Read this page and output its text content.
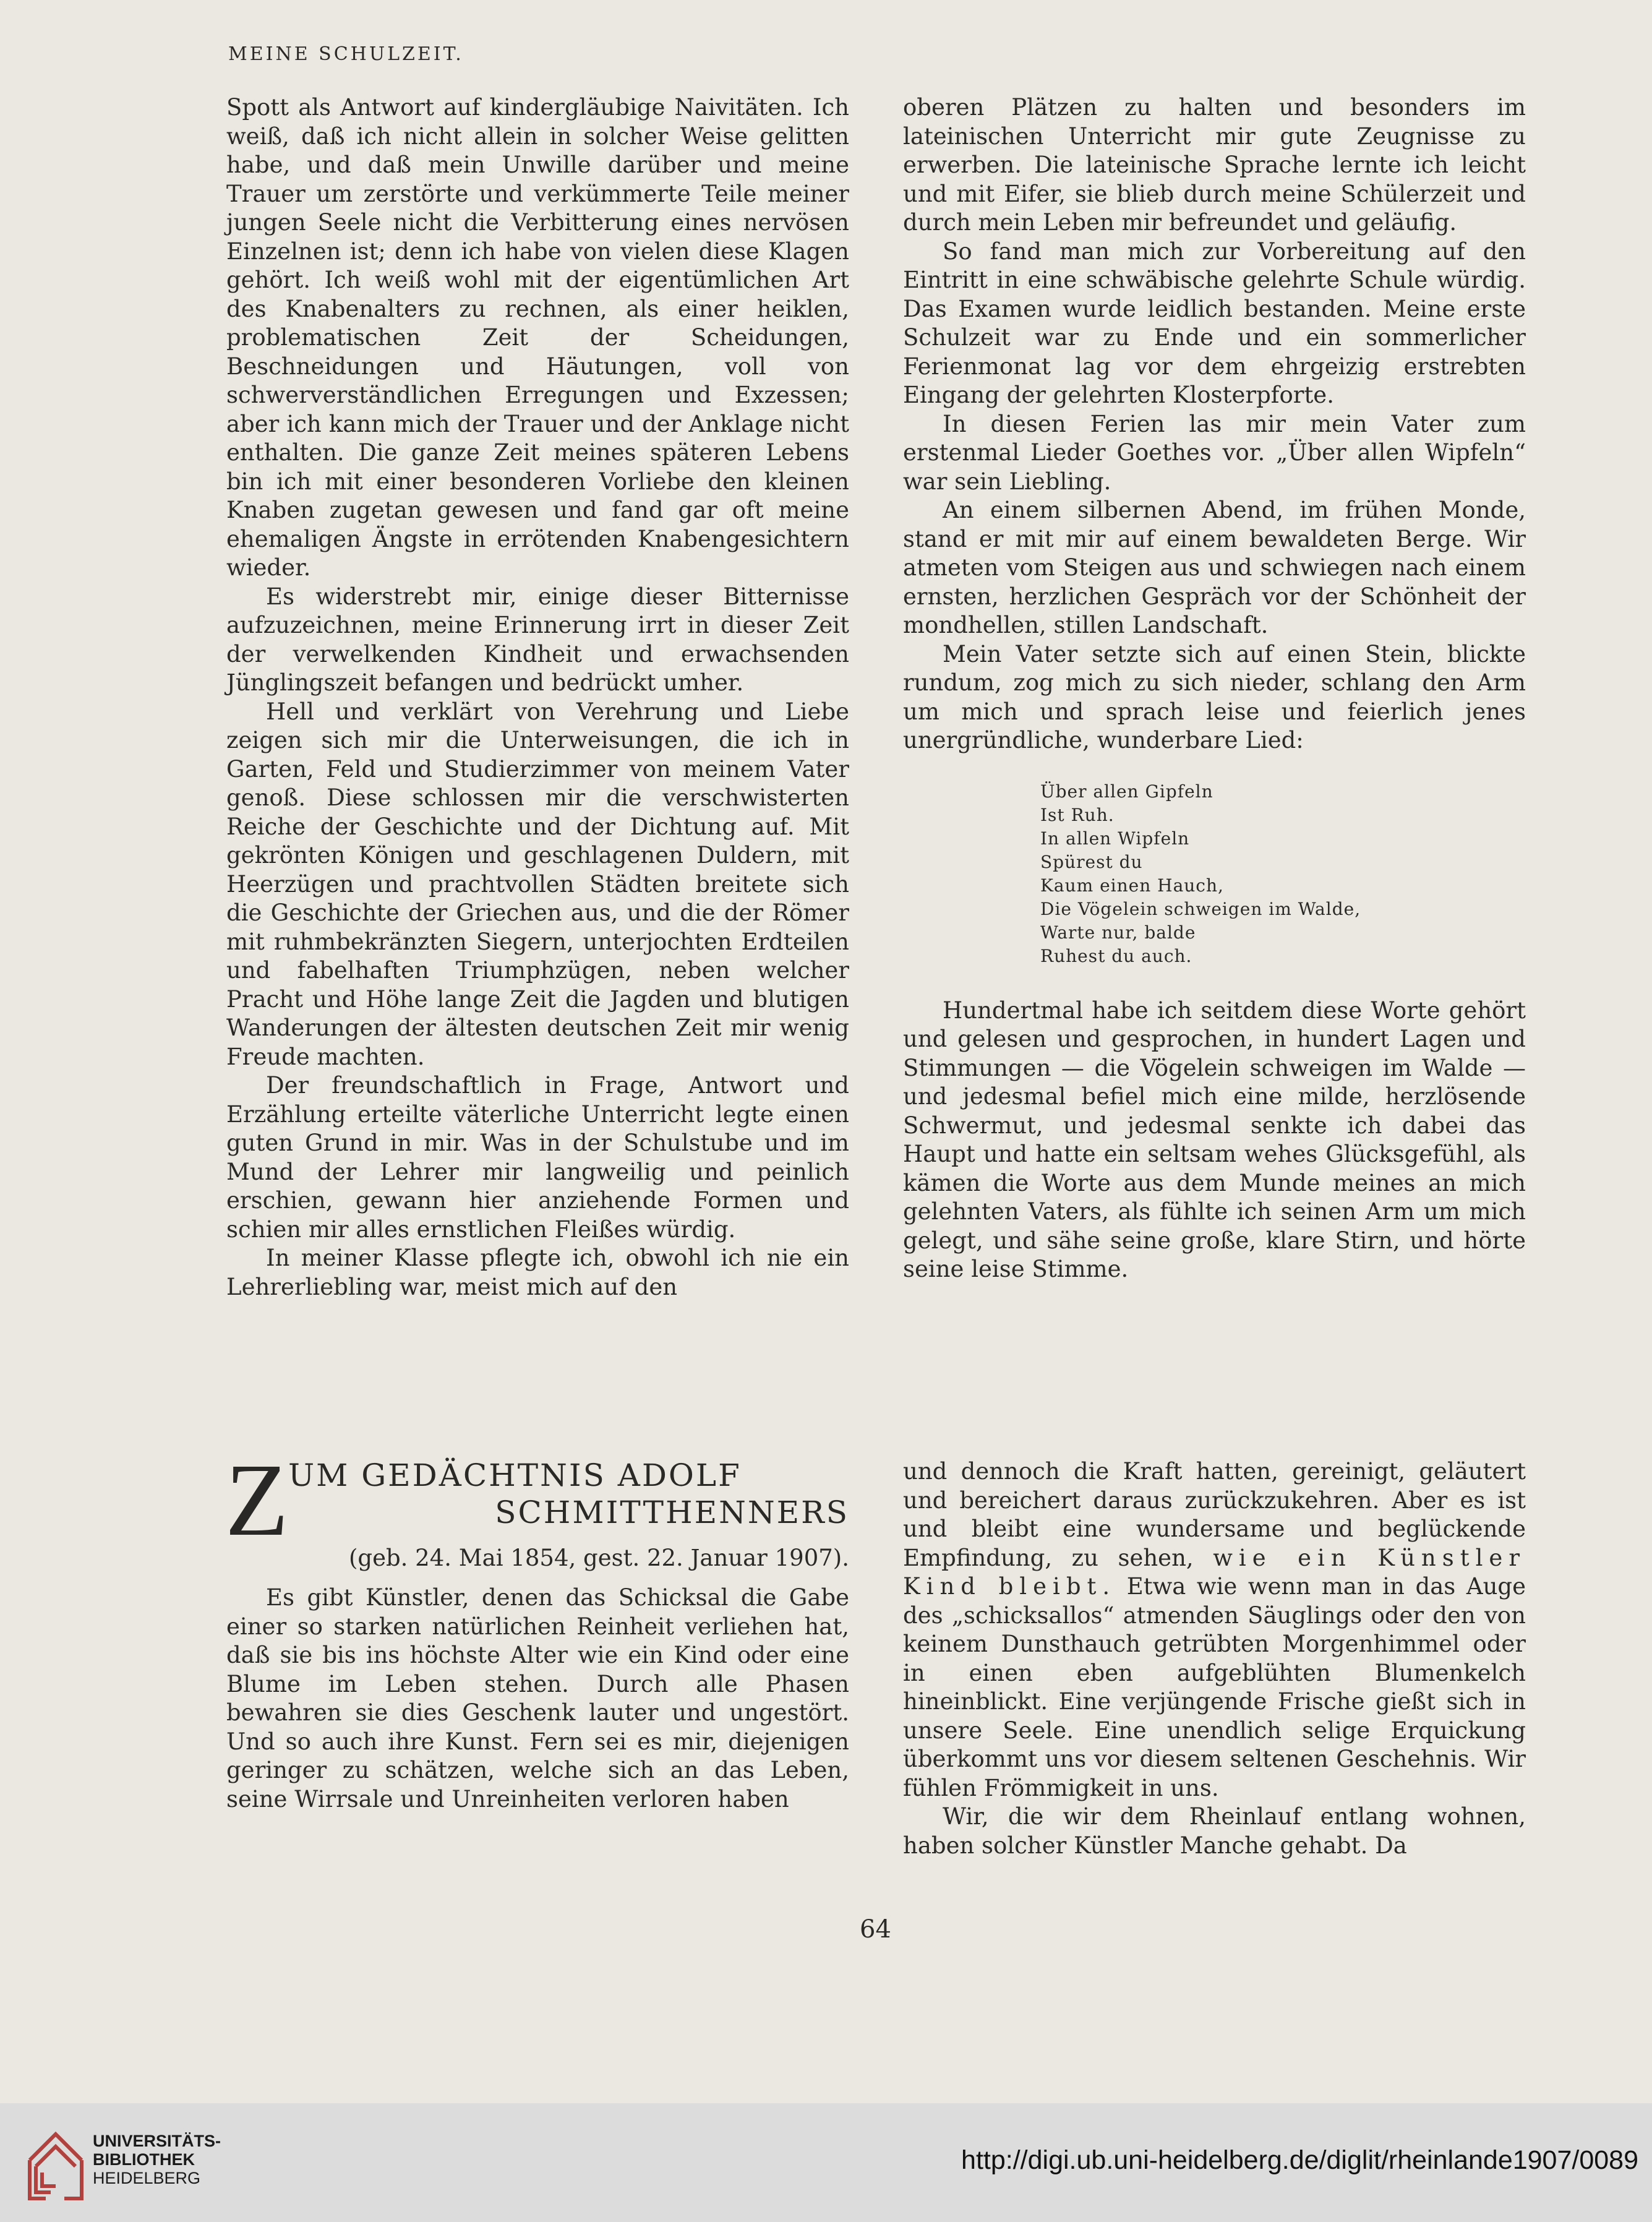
MEINE SCHULZEIT.

Spott als Antwort auf kindergläubige Naivitäten. Ich weiß, daß ich nicht allein in solcher Weise gelitten habe, und daß mein Unwille darüber und meine Trauer um zerstörte und verkümmerte Teile meiner jungen Seele nicht die Verbitterung eines nervösen Einzelnen ist; denn ich habe von vielen diese Klagen gehört. Ich weiß wohl mit der eigentümlichen Art des Knabenalters zu rechnen, als einer heiklen, problematischen Zeit der Scheidungen, Beschneidungen und Häutungen, voll von schwerverständlichen Erregungen und Exzessen; aber ich kann mich der Trauer und der Anklage nicht enthalten. Die ganze Zeit meines späteren Lebens bin ich mit einer besonderen Vorliebe den kleinen Knaben zugetan gewesen und fand gar oft meine ehemaligen Ängste in errötenden Knabengesichtern wieder.

Es widerstrebt mir, einige dieser Bitternisse aufzuzeichnen, meine Erinnerung irrt in dieser Zeit der verwelkenden Kindheit und erwachsenden Jünglingszeit befangen und bedrückt umher.

Hell und verklärt von Verehrung und Liebe zeigen sich mir die Unterweisungen, die ich in Garten, Feld und Studierzimmer von meinem Vater genoß. Diese schlossen mir die verschwisterten Reiche der Geschichte und der Dichtung auf. Mit gekrönten Königen und geschlagenen Duldern, mit Heerzügen und prachtvollen Städten breitete sich die Geschichte der Griechen aus, und die der Römer mit ruhmbekränzten Siegern, unterjochten Erdteilen und fabelhaften Triumphzügen, neben welcher Pracht und Höhe lange Zeit die Jagden und blutigen Wanderungen der ältesten deutschen Zeit mir wenig Freude machten.

Der freundschaftlich in Frage, Antwort und Erzählung erteilte väterliche Unterricht legte einen guten Grund in mir. Was in der Schulstube und im Mund der Lehrer mir langweilig und peinlich erschien, gewann hier anziehende Formen und schien mir alles ernstlichen Fleißes würdig.

In meiner Klasse pflegte ich, obwohl ich nie ein Lehrerliebling war, meist mich auf den

oberen Plätzen zu halten und besonders im lateinischen Unterricht mir gute Zeugnisse zu erwerben. Die lateinische Sprache lernte ich leicht und mit Eifer, sie blieb durch meine Schülerzeit und durch mein Leben mir befreundet und geläufig.

So fand man mich zur Vorbereitung auf den Eintritt in eine schwäbische gelehrte Schule würdig. Das Examen wurde leidlich bestanden. Meine erste Schulzeit war zu Ende und ein sommerlicher Ferienmonat lag vor dem ehrgeizig erstrebten Eingang der gelehrten Klosterpforte.

In diesen Ferien las mir mein Vater zum erstenmal Lieder Goethes vor. „Über allen Wipfeln“ war sein Liebling.

An einem silbernen Abend, im frühen Monde, stand er mit mir auf einem bewaldeten Berge. Wir atmeten vom Steigen aus und schwiegen nach einem ernsten, herzlichen Gespräch vor der Schönheit der mondhellen, stillen Landschaft.

Mein Vater setzte sich auf einen Stein, blickte rundum, zog mich zu sich nieder, schlang den Arm um mich und sprach leise und feierlich jenes unergründliche, wunderbare Lied:

Über allen Gipfeln
Ist Ruh.
In allen Wipfeln
Spürest du
Kaum einen Hauch,
Die Vögelein schweigen im Walde,
Warte nur, balde
Ruhest du auch.

Hundertmal habe ich seitdem diese Worte gehört und gelesen und gesprochen, in hundert Lagen und Stimmungen — die Vögelein schweigen im Walde — und jedesmal befiel mich eine milde, herzlösende Schwermut, und jedesmal senkte ich dabei das Haupt und hatte ein seltsam wehes Glücksgefühl, als kämen die Worte aus dem Munde meines an mich gelehnten Vaters, als fühlte ich seinen Arm um mich gelegt, und sähe seine große, klare Stirn, und hörte seine leise Stimme.

Z UM GEDÄCHTNIS ADOLF
SCHMITTHENNERS
(geb. 24. Mai 1854, gest. 22. Januar 1907).

Es gibt Künstler, denen das Schicksal die Gabe einer so starken natürlichen Reinheit verliehen hat, daß sie bis ins höchste Alter wie ein Kind oder eine Blume im Leben stehen. Durch alle Phasen bewahren sie dies Geschenk lauter und ungestört. Und so auch ihre Kunst. Fern sei es mir, diejenigen geringer zu schätzen, welche sich an das Leben, seine Wirrsale und Unreinheiten verloren haben

und dennoch die Kraft hatten, gereinigt, geläutert und bereichert daraus zurückzukehren. Aber es ist und bleibt eine wundersame und beglückende Empfindung, zu sehen, wie ein Künstler Kind bleibt. Etwa wie wenn man in das Auge des „schicksallos“ atmenden Säuglings oder den von keinem Dunsthauch getrübten Morgenhimmel oder in einen eben aufgeblühten Blumenkelch hineinblickt. Eine verjüngende Frische gießt sich in unsere Seele. Eine unendlich selige Erquickung überkommt uns vor diesem seltenen Geschehnis. Wir fühlen Frömmigkeit in uns.

Wir, die wir dem Rheinlauf entlang wohnen, haben solcher Künstler Manche gehabt. Da

64
UNIVERSITÄTS-
BIBLIOTHEK
HEIDELBERG
http://digi.ub.uni-heidelberg.de/diglit/rheinlande1907/0089
